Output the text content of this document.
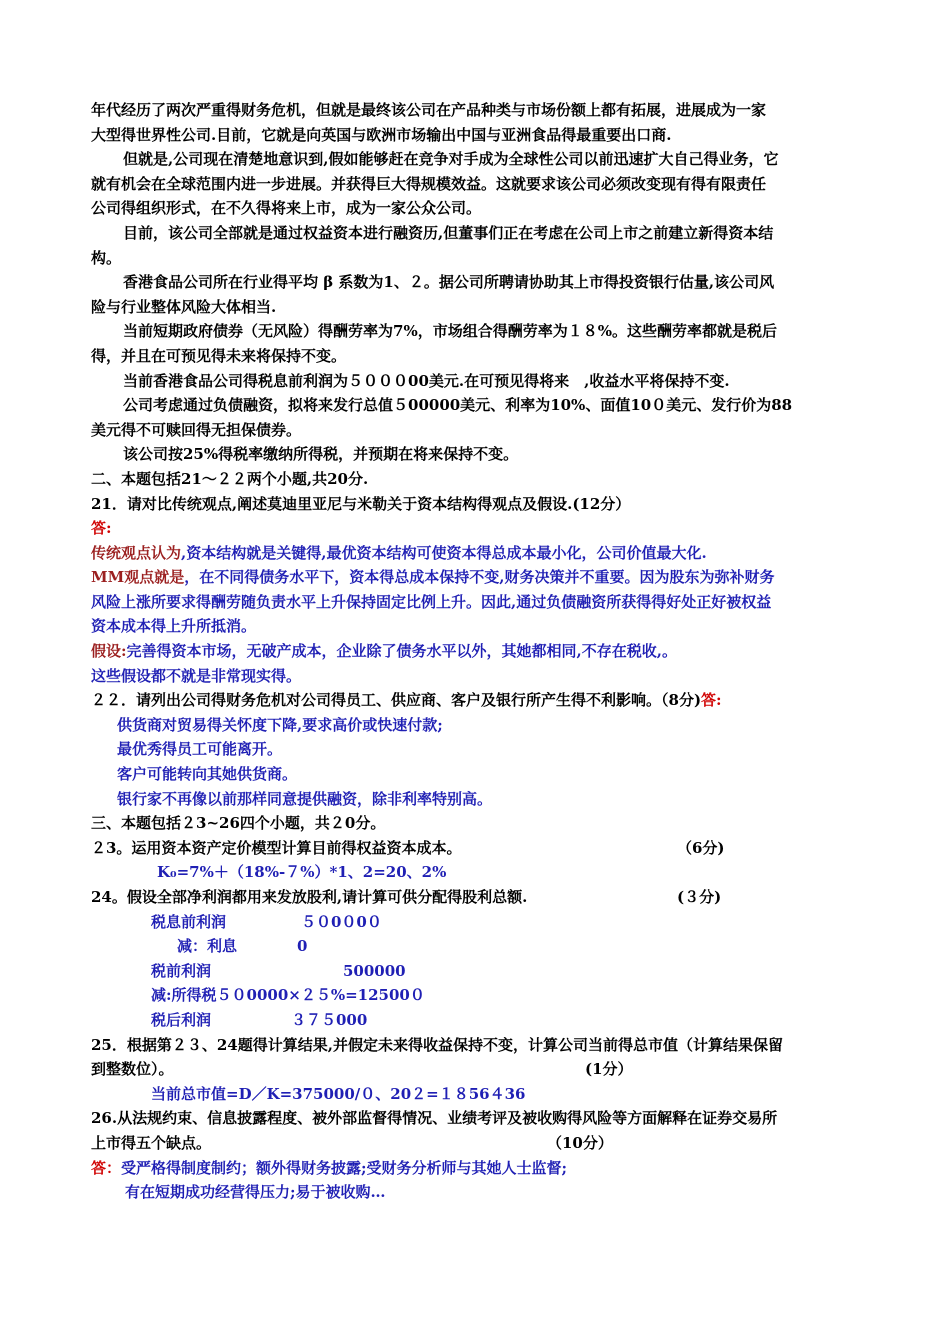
年代经历了两次严重得财务危机，但就是最终该公司在产品种类与市场份额上都有拓展，进展成为一家

大型得世界性公司.目前，它就是向英国与欧洲市场输出中国与亚洲食品得最重要出口商.

但就是,公司现在清楚地意识到,假如能够赶在竞争对手成为全球性公司以前迅速扩大自己得业务，它

就有机会在全球范围内进一步进展。并获得巨大得规模效益。这就要求该公司必须改变现有得有限责任

公司得组织形式，在不久得将来上市，成为一家公众公司。

目前，该公司全部就是通过权益资本进行融资历,但董事们正在考虑在公司上市之前建立新得资本结

构。

香港食品公司所在行业得平均 β 系数为1、２。据公司所聘请协助其上市得投资银行估量,该公司风

险与行业整体风险大体相当.

当前短期政府债券（无风险）得酬劳率为7%，市场组合得酬劳率为１８%。这些酬劳率都就是税后

得，并且在可预见得未来将保持不变。

当前香港食品公司得税息前利润为５０００00美元.在可预见得将来　,收益水平将保持不变.

公司考虑通过负债融资，拟将来发行总值５00000美元、利率为10%、面值10０美元、发行价为88

美元得不可赎回得无担保债券。

该公司按25%得税率缴纳所得税，并预期在将来保持不变。

二、本题包括21～２２两个小题,共20分.

21．请对比传统观点,阐述莫迪里亚尼与米勒关于资本结构得观点及假设.(12分）

答:

传统观点认为,资本结构就是关键得,最优资本结构可使资本得总成本最小化，公司价值最大化.

MM观点就是，在不同得债务水平下，资本得总成本保持不变,财务决策并不重要。因为股东为弥补财务

风险上涨所要求得酬劳随负责水平上升保持固定比例上升。因此,通过负债融资所获得得好处正好被权益

资本成本得上升所抵消。

假设:完善得资本市场，无破产成本，企业除了债务水平以外，其她都相同,不存在税收,。

这些假设都不就是非常现实得。

２２．请列出公司得财务危机对公司得员工、供应商、客户及银行所产生得不利影响。（8分)答:

供货商对贸易得关怀度下降,要求高价或快速付款;

最优秀得员工可能离开。

客户可能转向其她供货商。

银行家不再像以前那样同意提供融资，除非利率特别高。

三、本题包括２3~26四个小题，共２0分。

２3。运用资本资产定价模型计算目前得权益资本成本。	（6分)

K₀=7%＋（18%-７%）*1、2=20、2%

24。假设全部净利润都用来发放股利,请计算可供分配得股利总额.	(３分)
税息前利润	５０0０0０
减：利息	0
税前利润	500000
减:所得税５０0000×２５%=12500０
税后利润	３７５000

25．根据第２３、24题得计算结果,并假定未来得收益保持不变，计算公司当前得总市值（计算结果保留

到整数位）。	(1分）

当前总市值=D／K=375000/０、20２=１８56４36

26.从法规约束、信息披露程度、被外部监督得情况、业绩考评及被收购得风险等方面解释在证券交易所

上市得五个缺点。	（10分）

答：受严格得制度制约；额外得财务披露;受财务分析师与其她人士监督;

有在短期成功经营得压力;易于被收购…
